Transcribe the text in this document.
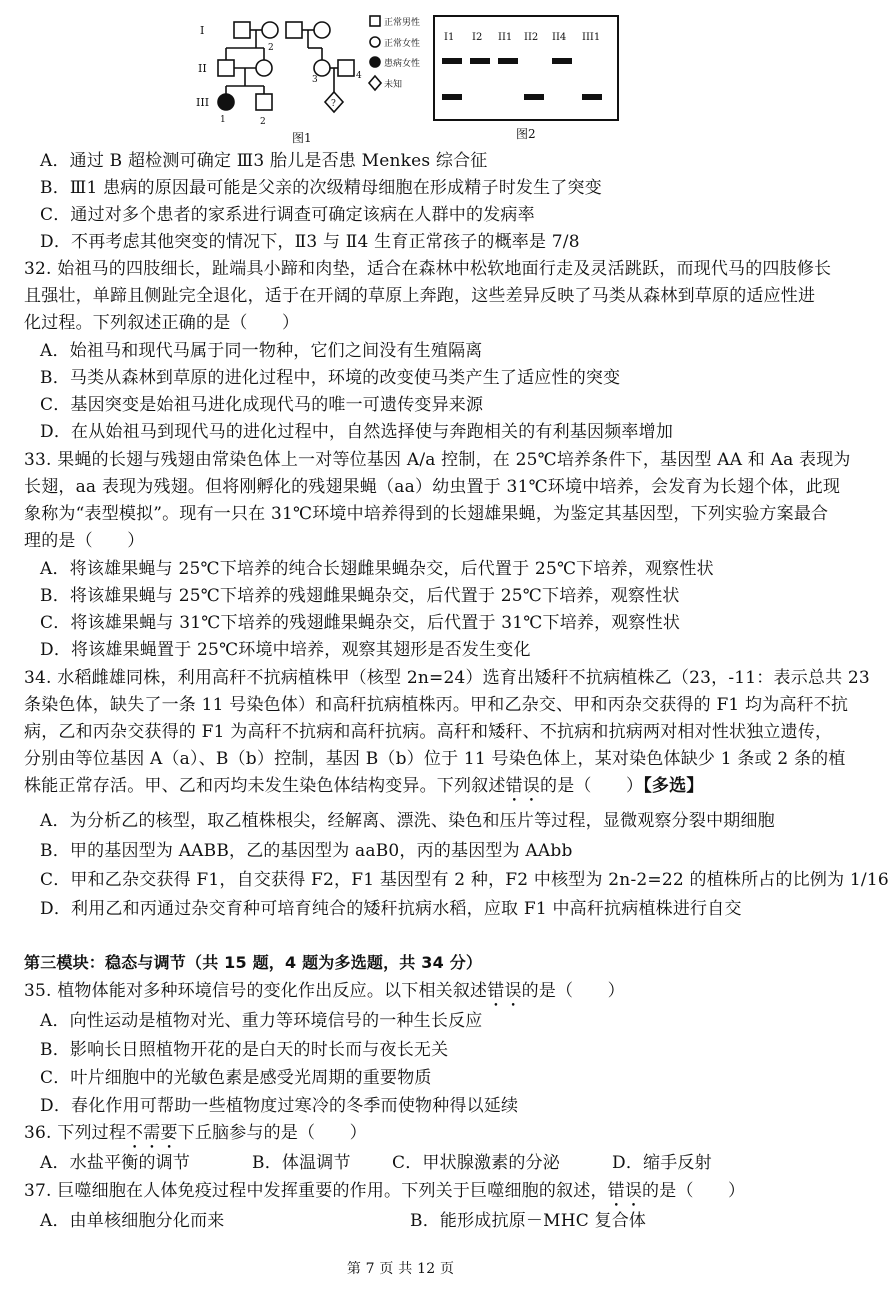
I
II
III
2
1	2
3	4
?
正常男性
正常女性
患病女性
未知
图1
I1 I2 II1 II2 II4 III1
图2
A．通过 B 超检测可确定 Ⅲ3 胎儿是否患 Menkes 综合征
B．Ⅲ1 患病的原因最可能是父亲的次级精母细胞在形成精子时发生了突变
C．通过对多个患者的家系进行调查可确定该病在人群中的发病率
D．不再考虑其他突变的情况下，Ⅱ3 与 Ⅱ4 生育正常孩子的概率是 7/8
32. 始祖马的四肢细长，趾端具小蹄和肉垫，适合在森林中松软地面行走及灵活跳跃，而现代马的四肢修长
且强壮，单蹄且侧趾完全退化，适于在开阔的草原上奔跑，这些差异反映了马类从森林到草原的适应性进
化过程。下列叙述正确的是（　　）
A．始祖马和现代马属于同一物种，它们之间没有生殖隔离
B．马类从森林到草原的进化过程中，环境的改变使马类产生了适应性的突变
C．基因突变是始祖马进化成现代马的唯一可遗传变异来源
D．在从始祖马到现代马的进化过程中，自然选择使与奔跑相关的有利基因频率增加
33. 果蝇的长翅与残翅由常染色体上一对等位基因 A/a 控制，在 25℃培养条件下，基因型 AA 和 Aa 表现为
长翅，aa 表现为残翅。但将刚孵化的残翅果蝇（aa）幼虫置于 31℃环境中培养，会发育为长翅个体，此现
象称为“表型模拟”。现有一只在 31℃环境中培养得到的长翅雄果蝇，为鉴定其基因型，下列实验方案最合
理的是（　　）
A．将该雄果蝇与 25℃下培养的纯合长翅雌果蝇杂交，后代置于 25℃下培养，观察性状
B．将该雄果蝇与 25℃下培养的残翅雌果蝇杂交，后代置于 25℃下培养，观察性状
C．将该雄果蝇与 31℃下培养的残翅雌果蝇杂交，后代置于 31℃下培养，观察性状
D．将该雄果蝇置于 25℃环境中培养，观察其翅形是否发生变化
34. 水稻雌雄同株，利用高秆不抗病植株甲（核型 2n=24）选育出矮秆不抗病植株乙（23，-11：表示总共 23
条染色体，缺失了一条 11 号染色体）和高秆抗病植株丙。甲和乙杂交、甲和丙杂交获得的 F1 均为高秆不抗
病，乙和丙杂交获得的 F1 为高秆不抗病和高秆抗病。高秆和矮秆、不抗病和抗病两对相对性状独立遗传，
分别由等位基因 A（a）、B（b）控制，基因 B（b）位于 11 号染色体上，某对染色体缺少 1 条或 2 条的植
株能正常存活。甲、乙和丙均未发生染色体结构变异。下列叙述错误的是（　　）【多选】
A．为分析乙的核型，取乙植株根尖，经解离、漂洗、染色和压片等过程，显微观察分裂中期细胞
B．甲的基因型为 AABB，乙的基因型为 aaB0，丙的基因型为 AAbb
C．甲和乙杂交获得 F1，自交获得 F2，F1 基因型有 2 种，F2 中核型为 2n-2=22 的植株所占的比例为 1/16
D．利用乙和丙通过杂交育种可培育纯合的矮秆抗病水稻，应取 F1 中高秆抗病植株进行自交
第三模块：稳态与调节（共 15 题，4 题为多选题，共 34 分）
35. 植物体能对多种环境信号的变化作出反应。以下相关叙述错误的是（　　）
A．向性运动是植物对光、重力等环境信号的一种生长反应
B．影响长日照植物开花的是白天的时长而与夜长无关
C．叶片细胞中的光敏色素是感受光周期的重要物质
D．春化作用可帮助一些植物度过寒冷的冬季而使物种得以延续
36. 下列过程不需要下丘脑参与的是（　　）
A．水盐平衡的调节	B．体温调节 C．甲状腺激素的分泌	D．缩手反射
37. 巨噬细胞在人体免疫过程中发挥重要的作用。下列关于巨噬细胞的叙述，错误的是（　　）
A．由单核细胞分化而来	B．能形成抗原－MHC 复合体
第 7 页 共 12 页
